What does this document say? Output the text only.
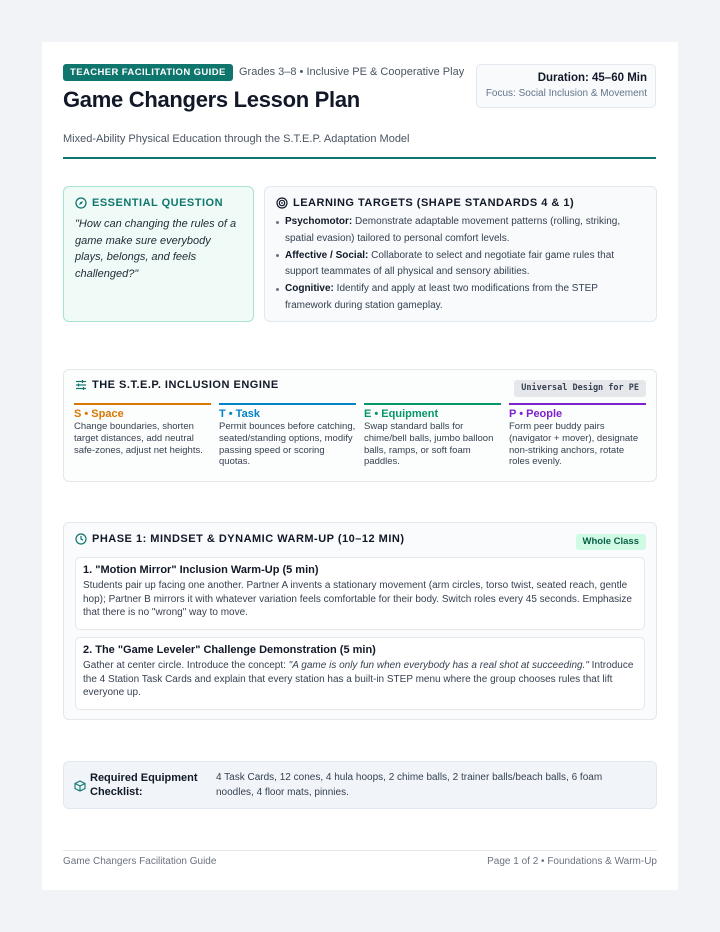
TEACHER FACILITATION GUIDE	Grades 3–8 • Inclusive PE & Cooperative Play
Game Changers Lesson Plan
Mixed-Ability Physical Education through the S.T.E.P. Adaptation Model
Duration: 45–60 Min
Focus: Social Inclusion & Movement
ESSENTIAL QUESTION

"How can changing the rules of a game make sure everybody plays, belongs, and feels challenged?"

LEARNING TARGETS (SHAPE STANDARDS 4 & 1)
Psychomotor: Demonstrate adaptable movement patterns (rolling, striking, spatial evasion) tailored to personal comfort levels.
Affective / Social: Collaborate to select and negotiate fair game rules that support teammates of all physical and sensory abilities.
Cognitive: Identify and apply at least two modifications from the STEP framework during station gameplay.
THE S.T.E.P. INCLUSION ENGINE	Universal Design for PE
S • Space

Change boundaries, shorten target distances, add neutral safe-zones, adjust net heights.

T • Task

Permit bounces before catching, seated/standing options, modify passing speed or scoring quotas.

E • Equipment

Swap standard balls for chime/bell balls, jumbo balloon balls, ramps, or soft foam paddles.

P • People

Form peer buddy pairs (navigator + mover), designate non-striking anchors, rotate roles evenly.

PHASE 1: MINDSET & DYNAMIC WARM-UP (10–12 MIN)	Whole Class
1. "Motion Mirror" Inclusion Warm-Up (5 min)

Students pair up facing one another. Partner A invents a stationary movement (arm circles, torso twist, seated reach, gentle hop); Partner B mirrors it with whatever variation feels comfortable for their body. Switch roles every 45 seconds. Emphasize that there is no "wrong" way to move.

2. The "Game Leveler" Challenge Demonstration (5 min)

Gather at center circle. Introduce the concept: "A game is only fun when everybody has a real shot at succeeding." Introduce the 4 Station Task Cards and explain that every station has a built-in STEP menu where the group chooses rules that lift everyone up.

Required Equipment Checklist:
4 Task Cards, 12 cones, 4 hula hoops, 2 chime balls, 2 trainer balls/beach balls, 6 foam noodles, 4 floor mats, pinnies.
Game Changers Facilitation Guide	Page 1 of 2 • Foundations & Warm-Up
